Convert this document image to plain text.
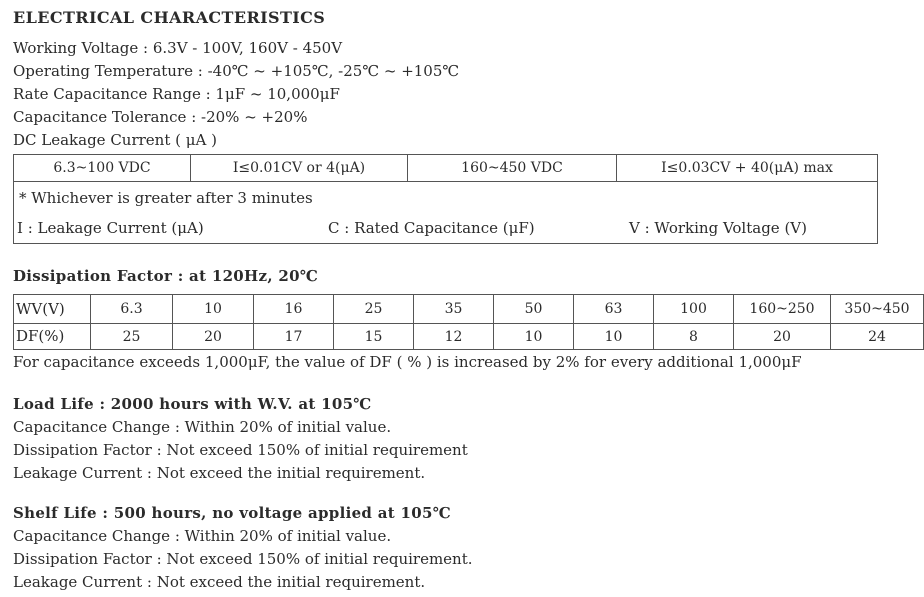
ELECTRICAL CHARACTERISTICS
Working Voltage : 6.3V - 100V, 160V - 450V
Operating Temperature : -40℃ ~ +105℃, -25℃ ~ +105℃
Rate Capacitance Range : 1μF ~ 10,000μF
Capacitance Tolerance : -20% ~ +20%
DC Leakage Current ( μA )
6.3~100 VDC	I≤0.01CV or 4(μA)	160~450 VDC	I≤0.03CV + 40(μA) max
* Whichever is greater after 3 minutes
I : Leakage Current (μA)	C : Rated Capacitance (μF)	V : Working Voltage (V)
Dissipation Factor : at 120Hz, 20℃
WV(V)	6.3	10	16	25	35	50	63	100	160~250	350~450
DF(%)	25	20	17	15	12	10	10	8	20	24
For capacitance exceeds 1,000μF, the value of DF ( % ) is increased by 2% for every additional 1,000μF
Load Life : 2000 hours with W.V. at 105℃
Capacitance Change : Within 20% of initial value.
Dissipation Factor : Not exceed 150% of initial requirement
Leakage Current : Not exceed the initial requirement.
Shelf Life : 500 hours, no voltage applied at 105℃
Capacitance Change : Within 20% of initial value.
Dissipation Factor : Not exceed 150% of initial requirement.
Leakage Current : Not exceed the initial requirement.
